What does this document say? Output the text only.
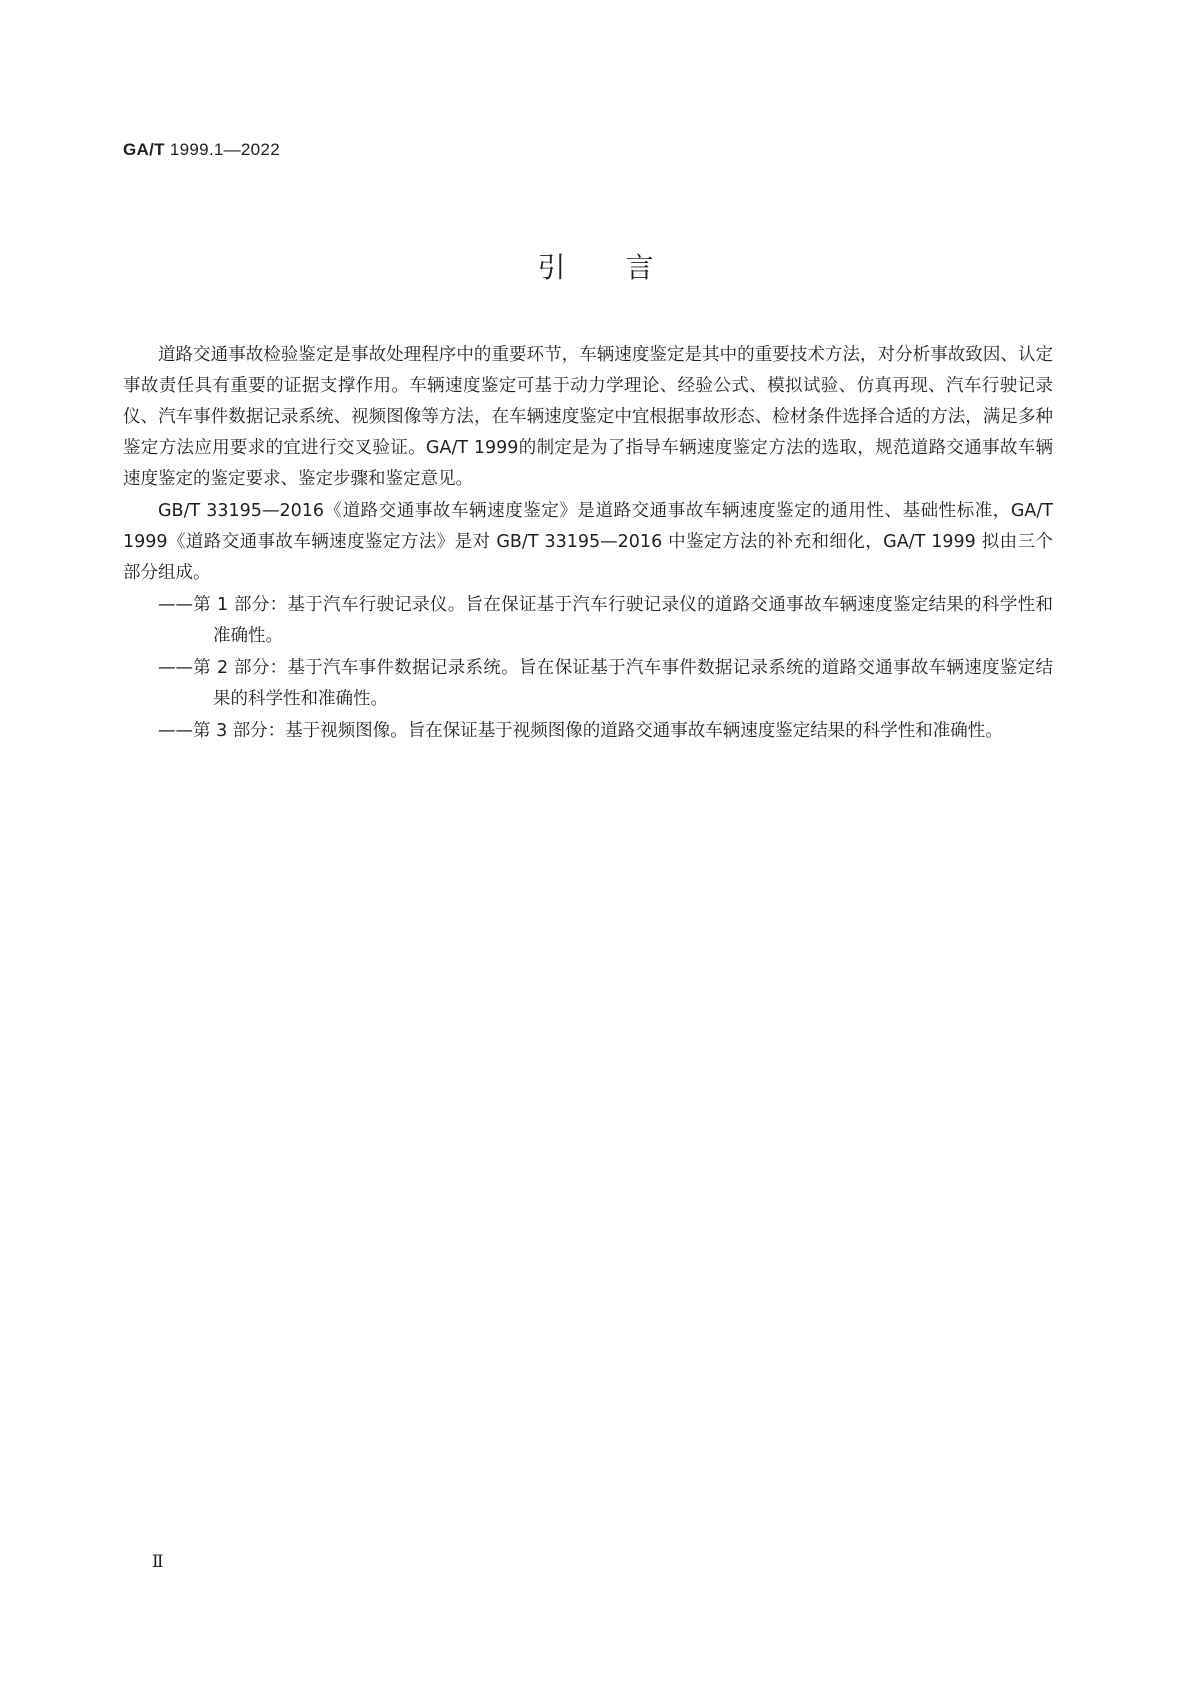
GA/T 1999.1—2022
引言

道路交通事故检验鉴定是事故处理程序中的重要环节，车辆速度鉴定是其中的重要技术方法，对分析事故致因、认定事故责任具有重要的证据支撑作用。车辆速度鉴定可基于动力学理论、经验公式、模拟试验、仿真再现、汽车行驶记录仪、汽车事件数据记录系统、视频图像等方法，在车辆速度鉴定中宜根据事故形态、检材条件选择合适的方法，满足多种鉴定方法应用要求的宜进行交叉验证。GA/T 1999的制定是为了指导车辆速度鉴定方法的选取，规范道路交通事故车辆速度鉴定的鉴定要求、鉴定步骤和鉴定意见。

GB/T 33195—2016《道路交通事故车辆速度鉴定》是道路交通事故车辆速度鉴定的通用性、基础性标准，GA/T 1999《道路交通事故车辆速度鉴定方法》是对 GB/T 33195—2016 中鉴定方法的补充和细化，GA/T 1999 拟由三个部分组成。

——第 1 部分：基于汽车行驶记录仪。旨在保证基于汽车行驶记录仪的道路交通事故车辆速度鉴定结果的科学性和准确性。
——第 2 部分：基于汽车事件数据记录系统。旨在保证基于汽车事件数据记录系统的道路交通事故车辆速度鉴定结果的科学性和准确性。
——第 3 部分：基于视频图像。旨在保证基于视频图像的道路交通事故车辆速度鉴定结果的科学性和准确性。
Ⅱ
